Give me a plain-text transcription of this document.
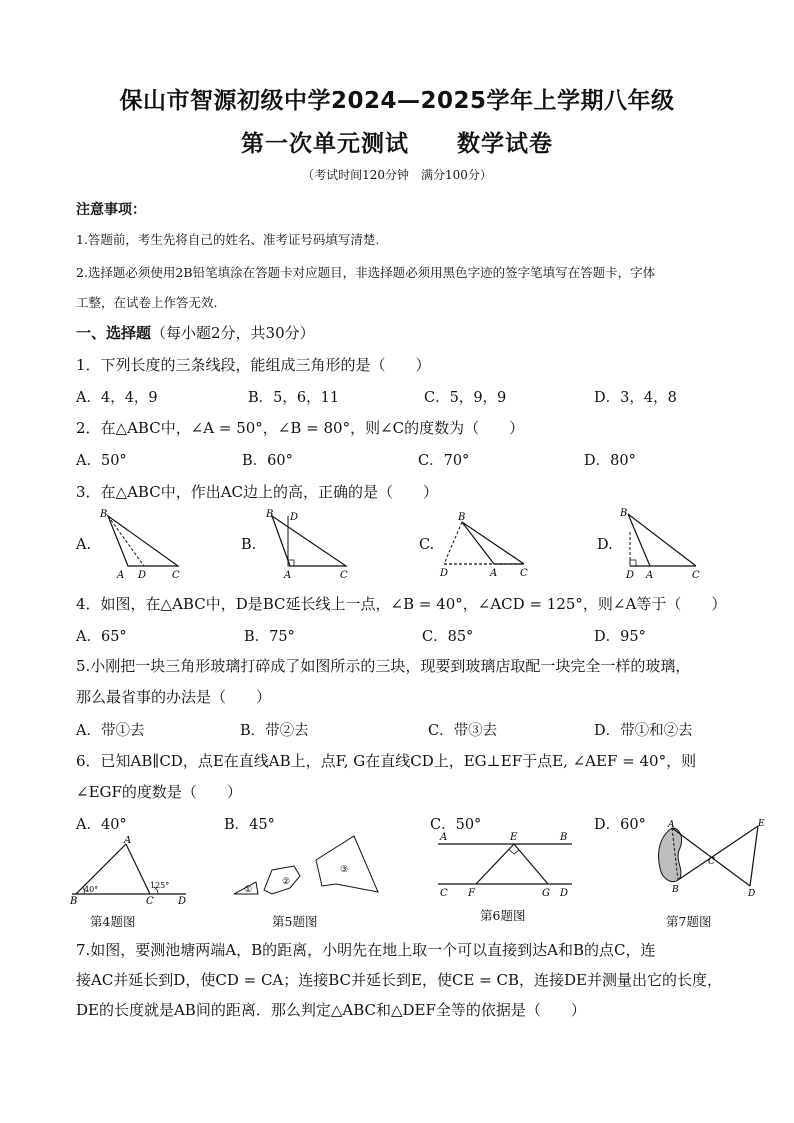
保山市智源初级中学2024—2025学年上学期八年级
第一次单元测试　　数学试卷
（考试时间120分钟　满分100分）
注意事项：
1.答题前，考生先将自己的姓名、准考证号码填写清楚.
2.选择题必须使用2B铅笔填涂在答题卡对应题目，非选择题必须用黑色字迹的签字笔填写在答题卡，字体
工整，在试卷上作答无效.
一、选择题（每小题2分，共30分）
1．下列长度的三条线段，能组成三角形的是（　　）
A．4，4，9	B．5，6，11	C．5，9，9	D．3，4，8
2．在△ABC中，∠A = 50°，∠B = 80°，则∠C的度数为（　　）
A．50°	B．60°	C．70°	D．80°
3．在△ABC中，作出AC边上的高，正确的是（　　）
A.	B.	C.	D.
B
A D	C
B D
A	C
B
D	A C
B
D A	C
4．如图，在△ABC中，D是BC延长线上一点，∠B = 40°，∠ACD = 125°，则∠A等于（　　）
A．65°	B．75°	C．85°	D．95°
5.小刚把一块三角形玻璃打碎成了如图所示的三块，现要到玻璃店取配一块完全一样的玻璃，
那么最省事的办法是（　　）
A．带①去	B．带②去	C．带③去	D．带①和②去
6．已知AB∥CD，点E在直线AB上，点F, G在直线CD上，EG⊥EF于点E, ∠AEF = 40°，则
∠EGF的度数是（　　）
A．40°	B．45°	C．50°	D．60°
A
B	C D
40°	125°
第4题图
①
②
③
第5题图
A	B
C	D
E
F	G
第6题图
A
B
C
D
E
第7题图
7.如图，要测池塘两端A，B的距离，小明先在地上取一个可以直接到达A和B的点C，连
接AC并延长到D，使CD = CA；连接BC并延长到E，使CE = CB，连接DE并测量出它的长度，
DE的长度就是AB间的距离．那么判定△ABC和△DEF全等的依据是（　　）
